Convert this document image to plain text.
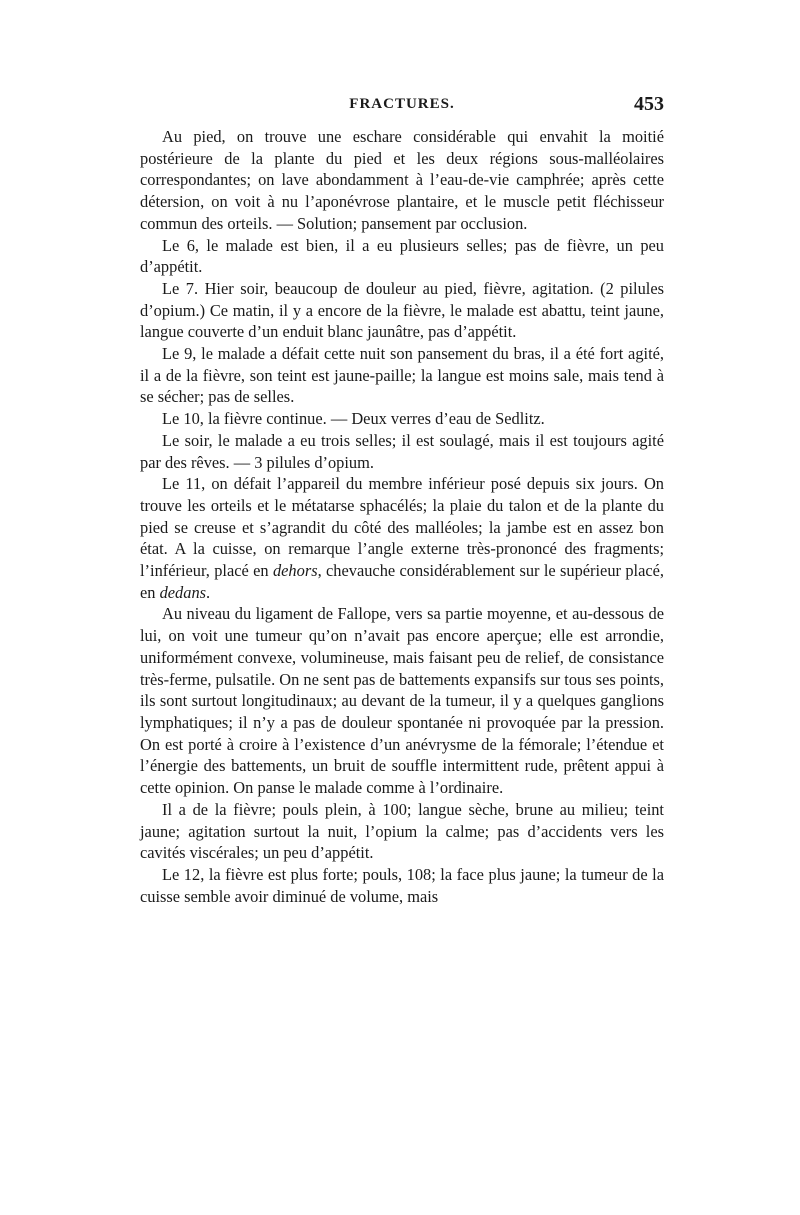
FRACTURES.	453

Au pied, on trouve une eschare considérable qui envahit la moitié postérieure de la plante du pied et les deux régions sous-malléolaires correspondantes; on lave abondamment à l’eau-de-vie camphrée; après cette détersion, on voit à nu l’aponévrose plantaire, et le muscle petit fléchisseur commun des orteils. — Solution; pansement par occlusion.

Le 6, le malade est bien, il a eu plusieurs selles; pas de fièvre, un peu d’appétit.

Le 7. Hier soir, beaucoup de douleur au pied, fièvre, agitation. (2 pilules d’opium.) Ce matin, il y a encore de la fièvre, le malade est abattu, teint jaune, langue couverte d’un enduit blanc jaunâtre, pas d’appétit.

Le 9, le malade a défait cette nuit son pansement du bras, il a été fort agité, il a de la fièvre, son teint est jaune-paille; la langue est moins sale, mais tend à se sécher; pas de selles.

Le 10, la fièvre continue. — Deux verres d’eau de Sedlitz.

Le soir, le malade a eu trois selles; il est soulagé, mais il est toujours agité par des rêves. — 3 pilules d’opium.

Le 11, on défait l’appareil du membre inférieur posé depuis six jours. On trouve les orteils et le métatarse sphacélés; la plaie du talon et de la plante du pied se creuse et s’agrandit du côté des malléoles; la jambe est en assez bon état. A la cuisse, on remarque l’angle externe très-prononcé des fragments; l’inférieur, placé en dehors, chevauche considérablement sur le supérieur placé, en dedans.

Au niveau du ligament de Fallope, vers sa partie moyenne, et au-dessous de lui, on voit une tumeur qu’on n’avait pas encore aperçue; elle est arrondie, uniformément convexe, volumineuse, mais faisant peu de relief, de consistance très-ferme, pulsatile. On ne sent pas de battements expansifs sur tous ses points, ils sont surtout longitudinaux; au devant de la tumeur, il y a quelques ganglions lymphatiques; il n’y a pas de douleur spontanée ni provoquée par la pression. On est porté à croire à l’existence d’un anévrysme de la fémorale; l’étendue et l’énergie des battements, un bruit de souffle intermittent rude, prêtent appui à cette opinion. On panse le malade comme à l’ordinaire.

Il a de la fièvre; pouls plein, à 100; langue sèche, brune au milieu; teint jaune; agitation surtout la nuit, l’opium la calme; pas d’accidents vers les cavités viscérales; un peu d’appétit.

Le 12, la fièvre est plus forte; pouls, 108; la face plus jaune; la tumeur de la cuisse semble avoir diminué de volume, mais
